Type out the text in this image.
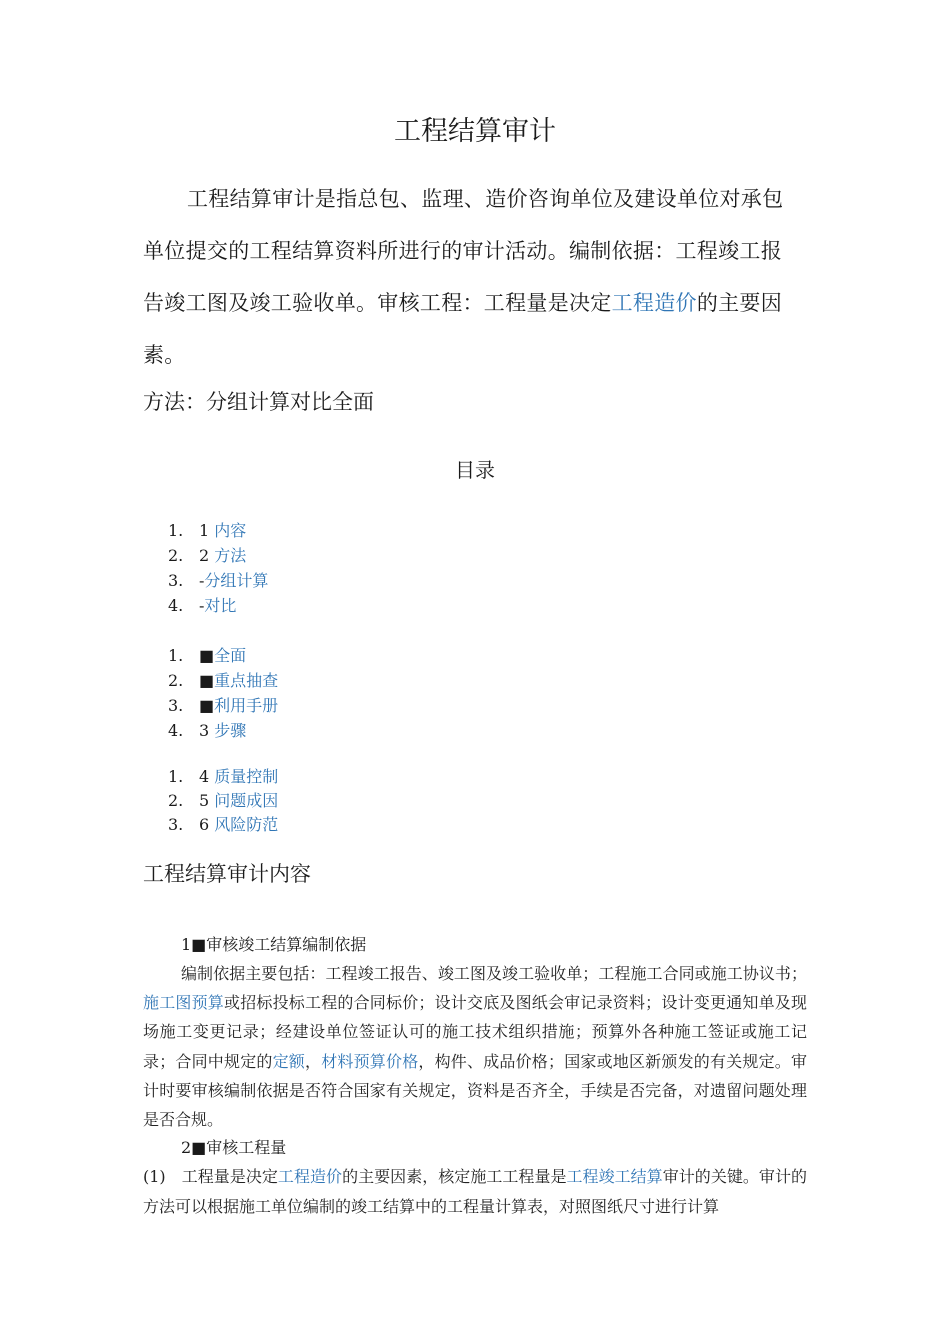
工程结算审计

工程结算审计是指总包、监理、造价咨询单位及建设单位对承包单位提交的工程结算资料所进行的审计活动。编制依据：工程竣工报告竣工图及竣工验收单。审核工程：工程量是决定工程造价的主要因素。

方法：分组计算对比全面
目录
1. 1 内容
2. 2 方法
3. -分组计算
4. -对比
1. ■全面
2. ■重点抽查
3. ■利用手册
4. 3 步骤
1. 4 质量控制
2. 5 问题成因
3. 6 风险防范
工程结算审计内容
1■审核竣工结算编制依据

编制依据主要包括：工程竣工报告、竣工图及竣工验收单；工程施工合同或施工协议书；施工图预算或招标投标工程的合同标价；设计交底及图纸会审记录资料；设计变更通知单及现场施工变更记录；经建设单位签证认可的施工技术组织措施；预算外各种施工签证或施工记录；合同中规定的定额，材料预算价格，构件、成品价格；国家或地区新颁发的有关规定。审计时要审核编制依据是否符合国家有关规定，资料是否齐全，手续是否完备，对遗留问题处理是否合规。

2■审核工程量

(1)　工程量是决定工程造价的主要因素，核定施工工程量是工程竣工结算审计的关键。审计的方法可以根据施工单位编制的竣工结算中的工程量计算表，对照图纸尺寸进行计算
